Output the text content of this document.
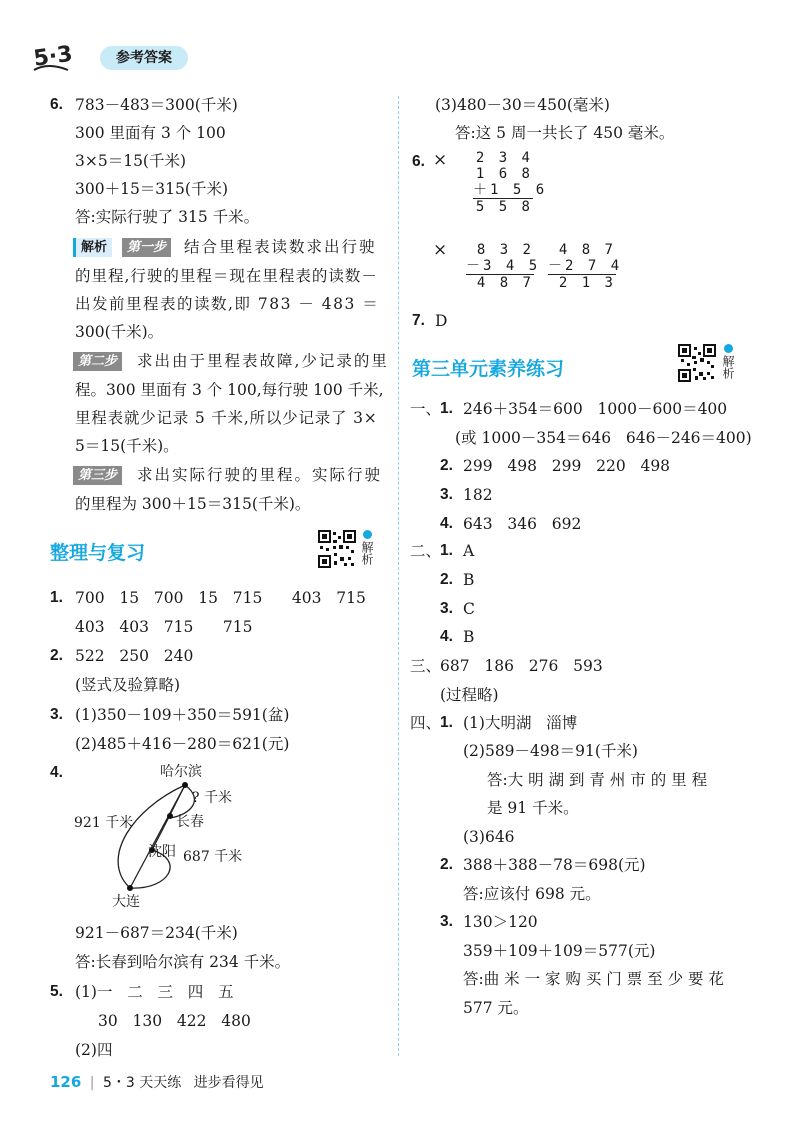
5·3	参考答案
6. 783－483＝300(千米)
300 里面有 3 个 100
3×5＝15(千米)
300＋15＝315(千米)
答:实际行驶了 315 千米。
解析	第一步	结合里程表读数求出行驶
的里程,行驶的里程＝现在里程表的读数－
出发前里程表的读数,即 783 － 483 ＝
300(千米)。
第二步	求出由于里程表故障,少记录的里
程。300 里面有 3 个 100,每行驶 100 千米,
里程表就少记录 5 千米,所以少记录了 3×
5＝15(千米)。
第三步	求出实际行驶的里程。实际行驶
的里程为 300＋15＝315(千米)。
整理与复习	解析
1. 700   15   700   15   715      403   715
403   403   715      715
2. 522   250   240
(竖式及验算略)
3. (1)350－109＋350＝591(盆)
(2)485＋416－280＝621(元)
4.	哈尔滨
? 千米
长春
921 千米
沈阳 687 千米
大连
921－687＝234(千米)
答:长春到哈尔滨有 234 千米。
5. (1)一   二   三   四   五
30   130   422   480
(2)四
(3)480－30＝450(毫米)
答:这 5 周一共长了 450 毫米。
6. × 2 3 4
1 6 8
＋1 5 6
5 5 8
×	8 3 2
－3 4 5
4 8 7
4 8 7
－2 7 4
2 1 3
7. D
第三单元素养练习	解析
一、
1. 246＋354＝600   1000－600＝400
(或 1000－354＝646   646－246＝400)
2. 299   498   299   220   498
3. 182
4. 643   346   692
二、
1. A
2. B
3. C
4. B
三、
687   186   276   593
(过程略)
四、
1. (1)大明湖   淄博
(2)589－498＝91(千米)
答:大 明 湖 到 青 州 市 的 里 程
是 91 千米。
(3)646
2. 388＋388－78＝698(元)
答:应该付 698 元。
3. 130＞120
359＋109＋109＝577(元)
答:曲 米 一 家 购 买 门 票 至 少 要 花
577 元。
126 | 5・3 天天练 进步看得见
